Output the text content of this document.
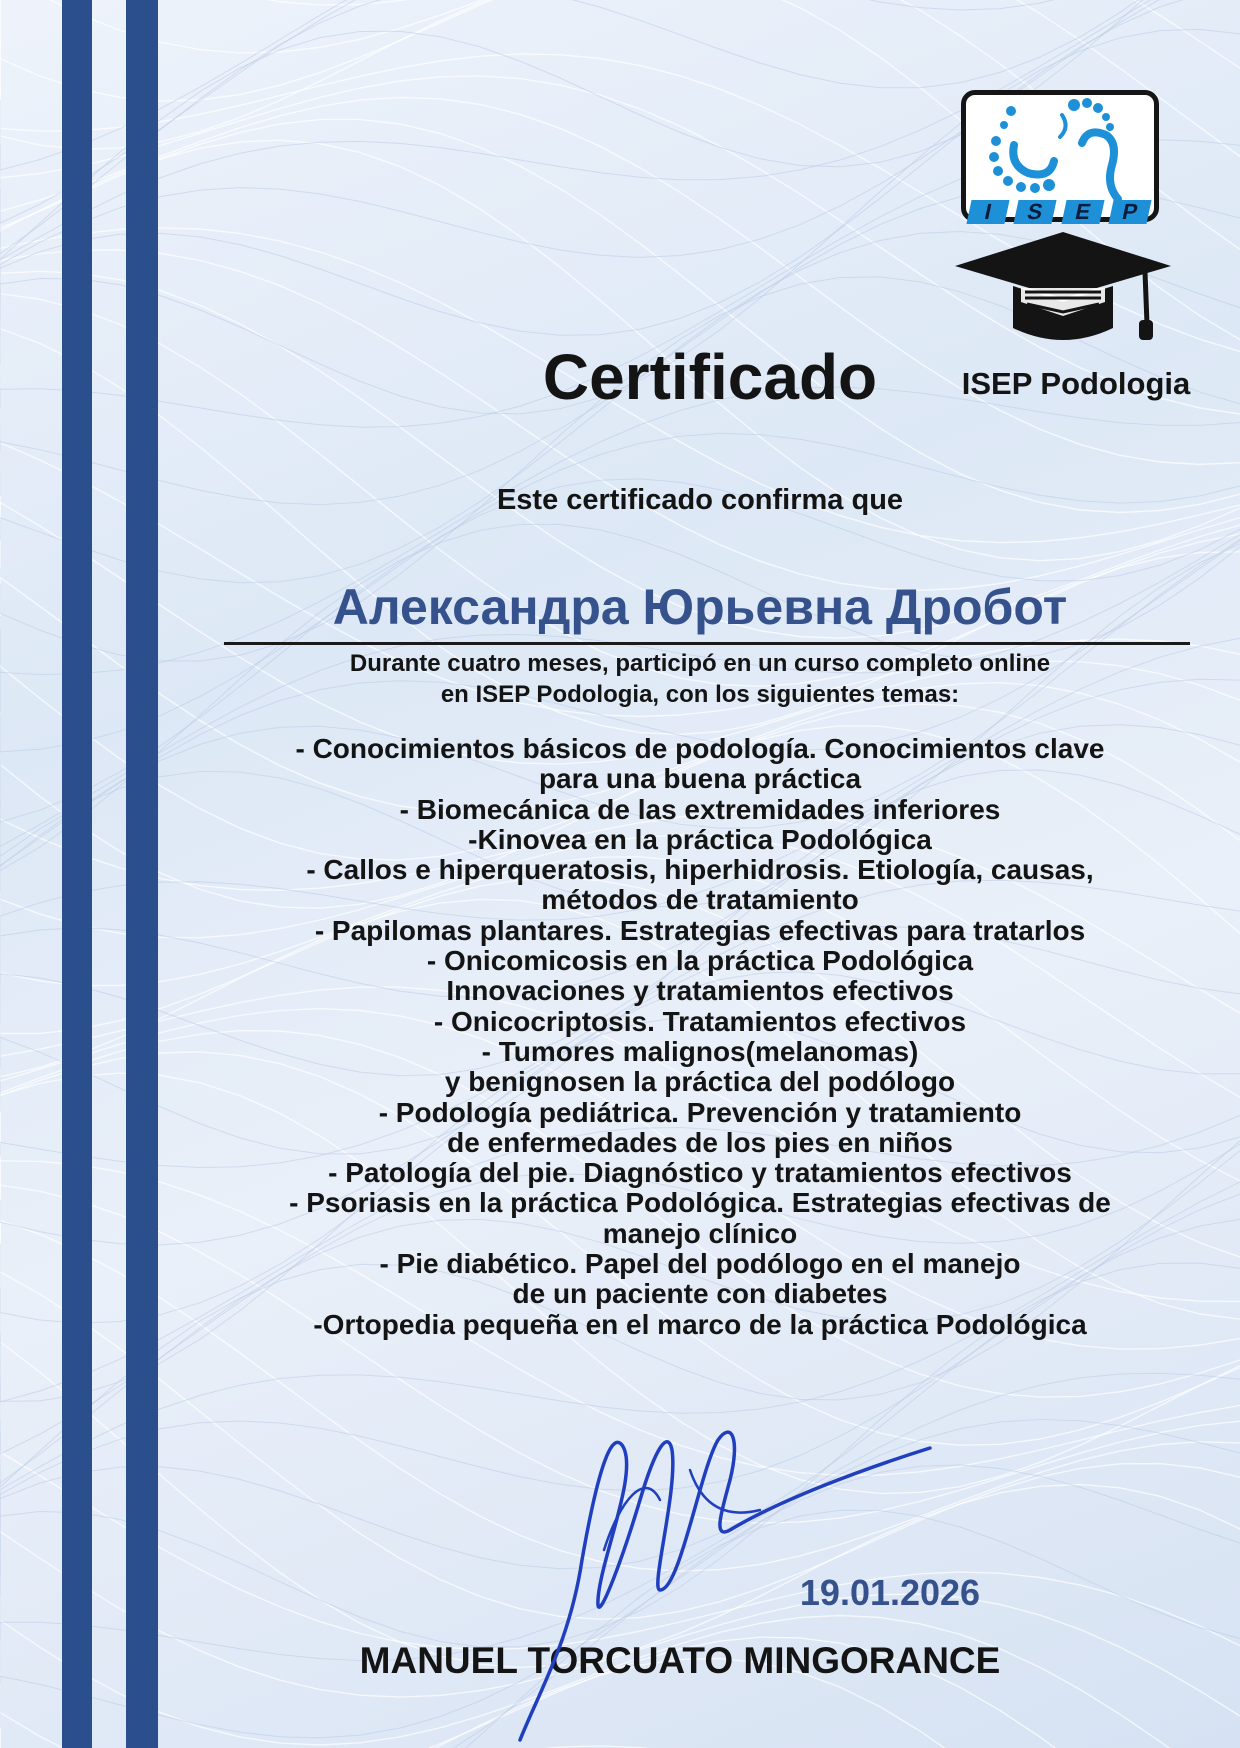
I	S	E	P
Certificado	ISEP Podologia
Este certificado confirma que
Александра Юрьевна Дробот
Durante cuatro meses, participó en un curso completo online
en ISEP Podologia, con los siguientes temas:
- Conocimientos básicos de podología. Conocimientos clave
para una buena práctica
- Biomecánica de las extremidades inferiores
-Kinovea en la práctica Podológica
- Callos e hiperqueratosis, hiperhidrosis. Etiología, causas,
métodos de tratamiento
- Papilomas plantares. Estrategias efectivas para tratarlos
- Onicomicosis en la práctica Podológica
Innovaciones y tratamientos efectivos
- Onicocriptosis. Tratamientos efectivos
- Tumores malignos(melanomas)
y benignosen la práctica del podólogo
- Podología pediátrica. Prevención y tratamiento
de enfermedades de los pies en niños
- Patología del pie. Diagnóstico y tratamientos efectivos
- Psoriasis en la práctica Podológica. Estrategias efectivas de
manejo clínico
- Pie diabético. Papel del podólogo en el manejo
de un paciente con diabetes
-Ortopedia pequeña en el marco de la práctica Podológica
19.01.2026
MANUEL TORCUATO MINGORANCE
